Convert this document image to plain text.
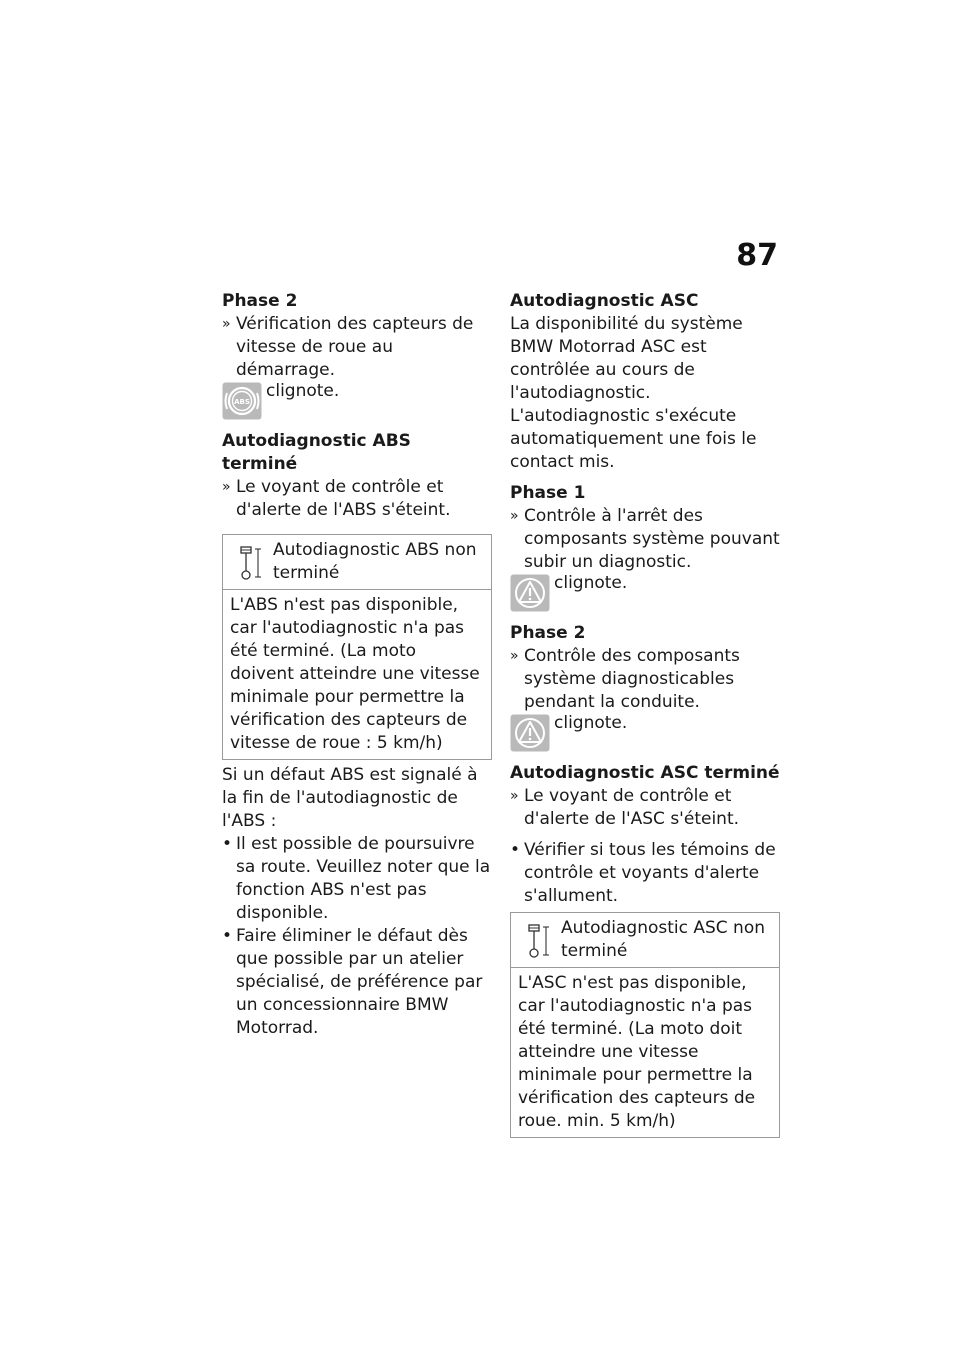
87

Phase 2

» Vérification des capteurs de vitesse de roue au démarrage.

ABS
clignote.

Autodiagnostic ABS terminé

» Le voyant de contrôle et d'alerte de l'ABS s'éteint.

Autodiagnostic ABS non terminé
L'ABS n'est pas disponible, car l'autodiagnostic n'a pas été terminé. (La moto doivent atteindre une vitesse minimale pour permettre la vérification des capteurs de vitesse de roue : 5 km/h)

Si un défaut ABS est signalé à la fin de l'autodiagnostic de l'ABS :

• Il est possible de poursuivre sa route. Veuillez noter que la fonction ABS n'est pas disponible.

• Faire éliminer le défaut dès que possible par un atelier spécialisé, de préférence par un concessionnaire BMW Motorrad.

Autodiagnostic ASC

La disponibilité du système BMW Motorrad ASC est contrôlée au cours de l'autodiagnostic. L'autodiagnostic s'exécute automatiquement une fois le contact mis.

Phase 1

» Contrôle à l'arrêt des composants système pouvant subir un diagnostic.

clignote.

Phase 2

» Contrôle des composants système diagnosticables pendant la conduite.

clignote.

Autodiagnostic ASC terminé

» Le voyant de contrôle et d'alerte de l'ASC s'éteint.

• Vérifier si tous les témoins de contrôle et voyants d'alerte s'allument.

Autodiagnostic ASC non terminé
L'ASC n'est pas disponible, car l'autodiagnostic n'a pas été terminé. (La moto doit atteindre une vitesse minimale pour permettre la vérification des capteurs de roue. min. 5 km/h)
